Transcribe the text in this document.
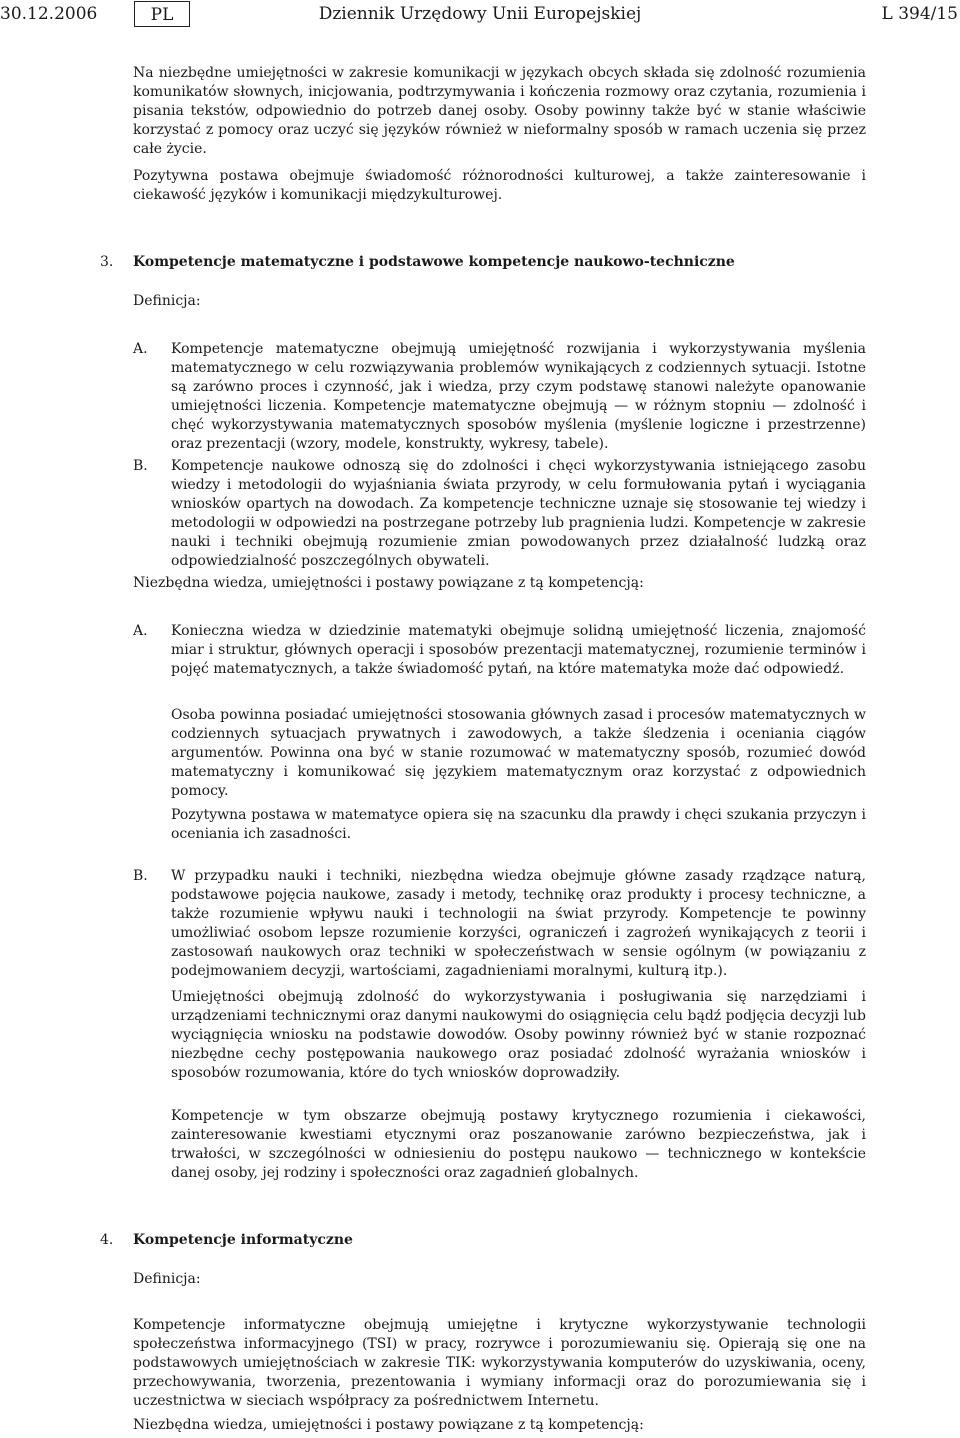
30.12.2006	PL	Dziennik Urzędowy Unii Europejskiej	L 394/15
Na niezbędne umiejętności w zakresie komunikacji w językach obcych składa się zdolność rozumienia komunikatów słownych, inicjowania, podtrzymywania i kończenia rozmowy oraz czytania, rozumienia i pisania tekstów, odpowiednio do potrzeb danej osoby. Osoby powinny także być w stanie właściwie korzystać z pomocy oraz uczyć się języków również w nieformalny sposób w ramach uczenia się przez całe życie.
Pozytywna postawa obejmuje świadomość różnorodności kulturowej, a także zainteresowanie i ciekawość języków i komunikacji międzykulturowej.
3. Kompetencje matematyczne i podstawowe kompetencje naukowo-techniczne
Definicja:
A. Kompetencje matematyczne obejmują umiejętność rozwijania i wykorzystywania myślenia matematycznego w celu rozwiązywania problemów wynikających z codziennych sytuacji. Istotne są zarówno proces i czynność, jak i wiedza, przy czym podstawę stanowi należyte opanowanie umiejętności liczenia. Kompetencje matematyczne obejmują — w różnym stopniu — zdolność i chęć wykorzystywania matematycznych sposobów myślenia (myślenie logiczne i przestrzenne) oraz prezentacji (wzory, modele, konstrukty, wykresy, tabele).
B. Kompetencje naukowe odnoszą się do zdolności i chęci wykorzystywania istniejącego zasobu wiedzy i metodologii do wyjaśniania świata przyrody, w celu formułowania pytań i wyciągania wniosków opartych na dowodach. Za kompetencje techniczne uznaje się stosowanie tej wiedzy i metodologii w odpowiedzi na postrzegane potrzeby lub pragnienia ludzi. Kompetencje w zakresie nauki i techniki obejmują rozumienie zmian powodowanych przez działalność ludzką oraz odpowiedzialność poszczególnych obywateli.
Niezbędna wiedza, umiejętności i postawy powiązane z tą kompetencją:
A. Konieczna wiedza w dziedzinie matematyki obejmuje solidną umiejętność liczenia, znajomość miar i struktur, głównych operacji i sposobów prezentacji matematycznej, rozumienie terminów i pojęć matematycznych, a także świadomość pytań, na które matematyka może dać odpowiedź.
Osoba powinna posiadać umiejętności stosowania głównych zasad i procesów matematycznych w codziennych sytuacjach prywatnych i zawodowych, a także śledzenia i oceniania ciągów argumentów. Powinna ona być w stanie rozumować w matematyczny sposób, rozumieć dowód matematyczny i komunikować się językiem matematycznym oraz korzystać z odpowiednich pomocy.
Pozytywna postawa w matematyce opiera się na szacunku dla prawdy i chęci szukania przyczyn i oceniania ich zasadności.
B. W przypadku nauki i techniki, niezbędna wiedza obejmuje główne zasady rządzące naturą, podstawowe pojęcia naukowe, zasady i metody, technikę oraz produkty i procesy techniczne, a także rozumienie wpływu nauki i technologii na świat przyrody. Kompetencje te powinny umożliwiać osobom lepsze rozumienie korzyści, ograniczeń i zagrożeń wynikających z teorii i zastosowań naukowych oraz techniki w społeczeństwach w sensie ogólnym (w powiązaniu z podejmowaniem decyzji, wartościami, zagadnieniami moralnymi, kulturą itp.).
Umiejętności obejmują zdolność do wykorzystywania i posługiwania się narzędziami i urządzeniami technicznymi oraz danymi naukowymi do osiągnięcia celu bądź podjęcia decyzji lub wyciągnięcia wniosku na podstawie dowodów. Osoby powinny również być w stanie rozpoznać niezbędne cechy postępowania naukowego oraz posiadać zdolność wyrażania wniosków i sposobów rozumowania, które do tych wniosków doprowadziły.
Kompetencje w tym obszarze obejmują postawy krytycznego rozumienia i ciekawości, zainteresowanie kwestiami etycznymi oraz poszanowanie zarówno bezpieczeństwa, jak i trwałości, w szczególności w odniesieniu do postępu naukowo — technicznego w kontekście danej osoby, jej rodziny i społeczności oraz zagadnień globalnych.
4. Kompetencje informatyczne
Definicja:
Kompetencje informatyczne obejmują umiejętne i krytyczne wykorzystywanie technologii społeczeństwa informacyjnego (TSI) w pracy, rozrywce i porozumiewaniu się. Opierają się one na podstawowych umiejętnościach w zakresie TIK: wykorzystywania komputerów do uzyskiwania, oceny, przechowywania, tworzenia, prezentowania i wymiany informacji oraz do porozumiewania się i uczestnictwa w sieciach współpracy za pośrednictwem Internetu.
Niezbędna wiedza, umiejętności i postawy powiązane z tą kompetencją:
